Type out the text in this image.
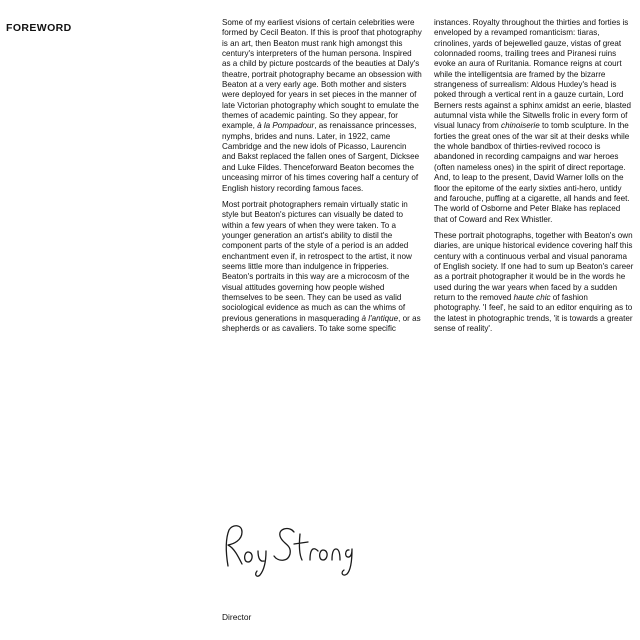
FOREWORD	Some of my earliest visions of certain celebrities were formed by Cecil Beaton. If this is proof that photography is an art, then Beaton must rank high amongst this century's interpreters of the human persona. Inspired as a child by picture postcards of the beauties at Daly's theatre, portrait photography became an obsession with Beaton at a very early age. Both mother and sisters were deployed for years in set pieces in the manner of late Victorian photography which sought to emulate the themes of academic painting. So they appear, for example, à la Pompadour, as renaissance princesses, nymphs, brides and nuns. Later, in 1922, came Cambridge and the new idols of Picasso, Laurencin and Bakst replaced the fallen ones of Sargent, Dicksee and Luke Fildes. Thenceforward Beaton becomes the unceasing mirror of his times covering half a century of English history recording famous faces.

Most portrait photographers remain virtually static in style but Beaton's pictures can visually be dated to within a few years of when they were taken. To a younger generation an artist's ability to distil the component parts of the style of a period is an added enchantment even if, in retrospect to the artist, it now seems little more than indulgence in fripperies. Beaton's portraits in this way are a microcosm of the visual attitudes governing how people wished themselves to be seen. They can be used as valid sociological evidence as much as can the whims of previous generations in masquerading à l'antique, or as shepherds or as cavaliers. To take some specific

instances. Royalty throughout the thirties and forties is enveloped by a revamped romanticism: tiaras, crinolines, yards of bejewelled gauze, vistas of great colonnaded rooms, trailing trees and Piranesi ruins evoke an aura of Ruritania. Romance reigns at court while the intelligentsia are framed by the bizarre strangeness of surrealism: Aldous Huxley's head is poked through a vertical rent in a gauze curtain, Lord Berners rests against a sphinx amidst an eerie, blasted autumnal vista while the Sitwells frolic in every form of visual lunacy from chinoiserie to tomb sculpture. In the forties the great ones of the war sit at their desks while the whole bandbox of thirties-revived rococo is abandoned in recording campaigns and war heroes (often nameless ones) in the spirit of direct reportage. And, to leap to the present, David Warner lolls on the floor the epitome of the early sixties anti-hero, untidy and farouche, puffing at a cigarette, all hands and feet. The world of Osborne and Peter Blake has replaced that of Coward and Rex Whistler.

These portrait photographs, together with Beaton's own diaries, are unique historical evidence covering half this century with a continuous verbal and visual panorama of English society. If one had to sum up Beaton's career as a portrait photographer it would be in the words he used during the war years when faced by a sudden return to the removed haute chic of fashion photography. 'I feel', he said to an editor enquiring as to the latest in photographic trends, 'it is towards a greater sense of reality'.

Director
